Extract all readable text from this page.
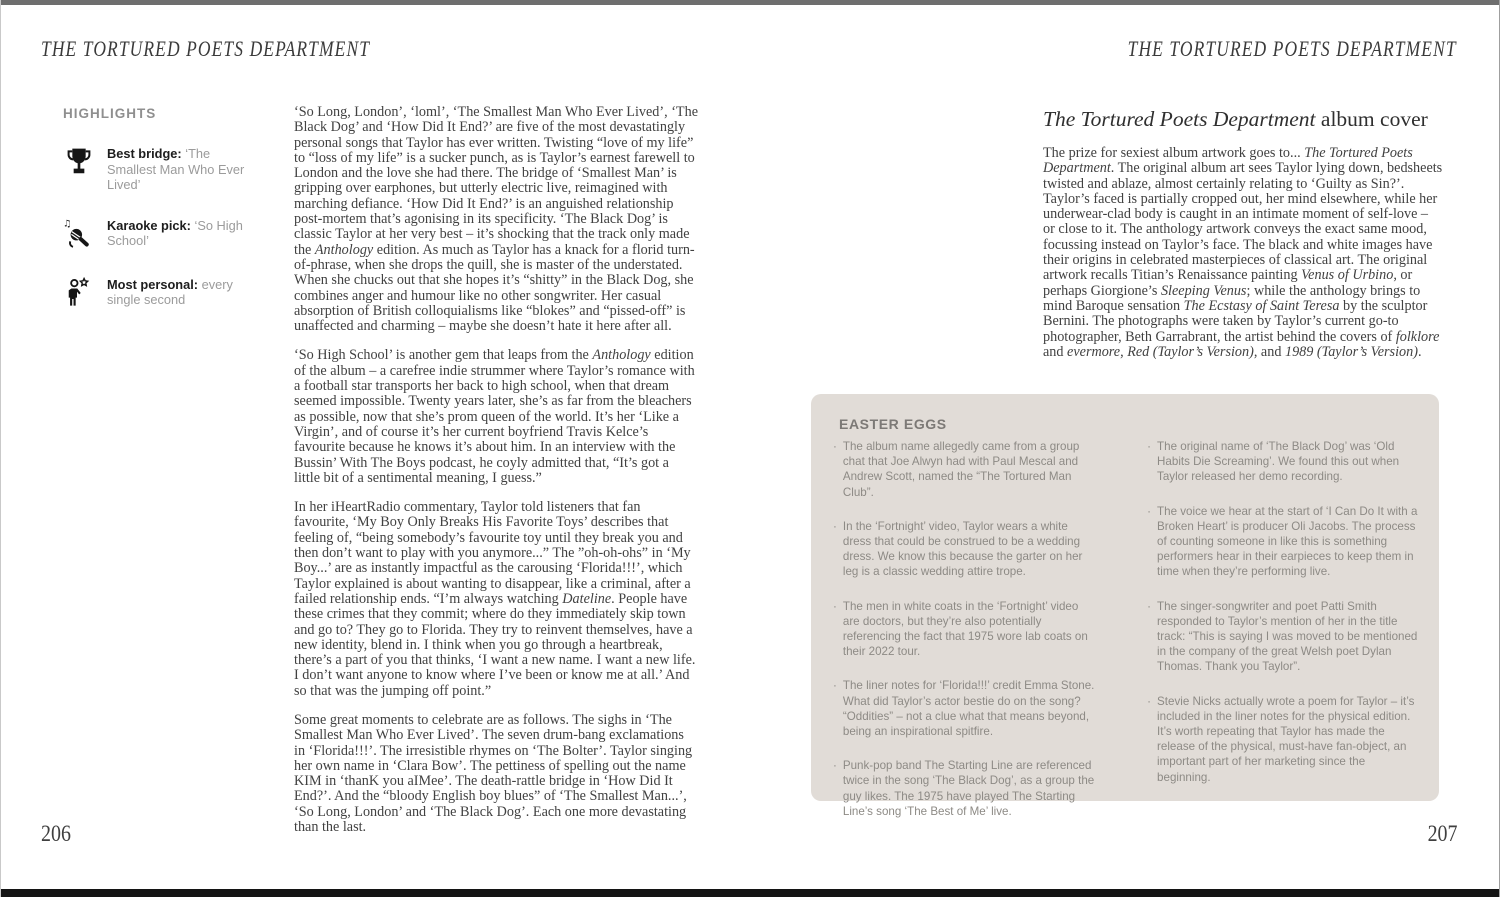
THE TORTURED POETS DEPARTMENT	THE TORTURED POETS DEPARTMENT
HIGHLIGHTS
Best bridge: ‘The Smallest Man Who Ever Lived’
♫	Karaoke pick: ‘So High School’
Most personal: every single second

‘So Long, London’, ‘loml’, ‘The Smallest Man Who Ever Lived’, ‘The Black Dog’ and ‘How Did It End?’ are five of the most devastatingly personal songs that Taylor has ever written. Twisting “love of my life” to “loss of my life” is a sucker punch, as is Taylor’s earnest farewell to London and the love she had there. The bridge of ‘Smallest Man’ is gripping over earphones, but utterly electric live, reimagined with marching defiance. ‘How Did It End?’ is an anguished relationship post-mortem that’s agonising in its specificity. ‘The Black Dog’ is classic Taylor at her very best – it’s shocking that the track only made the Anthology edition. As much as Taylor has a knack for a florid turn-of-phrase, when she drops the quill, she is master of the understated. When she chucks out that she hopes it’s “shitty” in the Black Dog, she combines anger and humour like no other songwriter. Her casual absorption of British colloquialisms like “blokes” and “pissed-off” is unaffected and charming – maybe she doesn’t hate it here after all.

‘So High School’ is another gem that leaps from the Anthology edition of the album – a carefree indie strummer where Taylor’s romance with a football star transports her back to high school, when that dream seemed impossible. Twenty years later, she’s as far from the bleachers as possible, now that she’s prom queen of the world. It’s her ‘Like a Virgin’, and of course it’s her current boyfriend Travis Kelce’s favourite because he knows it’s about him. In an interview with the Bussin’ With The Boys podcast, he coyly admitted that, “It’s got a little bit of a sentimental meaning, I guess.”

In her iHeartRadio commentary, Taylor told listeners that fan favourite, ‘My Boy Only Breaks His Favorite Toys’ describes that feeling of, “being somebody’s favourite toy until they break you and then don’t want to play with you anymore...” The ”oh-oh-ohs” in ‘My Boy...’ are as instantly impactful as the carousing ‘Florida!!!’, which Taylor explained is about wanting to disappear, like a criminal, after a failed relationship ends. “I’m always watching Dateline. People have these crimes that they commit; where do they immediately skip town and go to? They go to Florida. They try to reinvent themselves, have a new identity, blend in. I think when you go through a heartbreak, there’s a part of you that thinks, ‘I want a new name. I want a new life. I don’t want anyone to know where I’ve been or know me at all.’ And so that was the jumping off point.”

Some great moments to celebrate are as follows. The sighs in ‘The Smallest Man Who Ever Lived’. The seven drum-bang exclamations in ‘Florida!!!’. The irresistible rhymes on ‘The Bolter’. Taylor singing her own name in ‘Clara Bow’. The pettiness of spelling out the name KIM in ‘thanK you aIMee’. The death-rattle bridge in ‘How Did It End?’. And the “bloody English boy blues” of ‘The Smallest Man...’, ‘So Long, London’ and ‘The Black Dog’. Each one more devastating than the last.

The Tortured Poets Department album cover
The prize for sexiest album artwork goes to... The Tortured Poets Department. The original album art sees Taylor lying down, bedsheets twisted and ablaze, almost certainly relating to ‘Guilty as Sin?’. Taylor’s faced is partially cropped out, her mind elsewhere, while her underwear-clad body is caught in an intimate moment of self-love – or close to it. The anthology artwork conveys the exact same mood, focussing instead on Taylor’s face. The black and white images have their origins in celebrated masterpieces of classical art. The original artwork recalls Titian’s Renaissance painting Venus of Urbino, or perhaps Giorgione’s Sleeping Venus; while the anthology brings to mind Baroque sensation The Ecstasy of Saint Teresa by the sculptor Bernini. The photographs were taken by Taylor’s current go-to photographer, Beth Garrabrant, the artist behind the covers of folklore and evermore, Red (Taylor’s Version), and 1989 (Taylor’s Version).
EASTER EGGS
· The album name allegedly came from a group chat that Joe Alwyn had with Paul Mescal and Andrew Scott, named the “The Tortured Man Club”.
· In the ‘Fortnight’ video, Taylor wears a white dress that could be construed to be a wedding dress. We know this because the garter on her leg is a classic wedding attire trope.
· The men in white coats in the ‘Fortnight’ video are doctors, but they’re also potentially referencing the fact that 1975 wore lab coats on their 2022 tour.
· The liner notes for ‘Florida!!!’ credit Emma Stone. What did Taylor’s actor bestie do on the song? “Oddities” – not a clue what that means beyond, being an inspirational spitfire.
· Punk-pop band The Starting Line are referenced twice in the song ‘The Black Dog’, as a group the guy likes. The 1975 have played The Starting Line’s song ‘The Best of Me’ live.
· The original name of ‘The Black Dog’ was ‘Old Habits Die Screaming’. We found this out when Taylor released her demo recording.
· The voice we hear at the start of ‘I Can Do It with a Broken Heart’ is producer Oli Jacobs. The process of counting someone in like this is something performers hear in their earpieces to keep them in time when they’re performing live.
· The singer-songwriter and poet Patti Smith responded to Taylor’s mention of her in the title track: “This is saying I was moved to be mentioned in the company of the great Welsh poet Dylan Thomas. Thank you Taylor”.
· Stevie Nicks actually wrote a poem for Taylor – it’s included in the liner notes for the physical edition. It’s worth repeating that Taylor has made the release of the physical, must-have fan-object, an important part of her marketing since the beginning.
206	207
